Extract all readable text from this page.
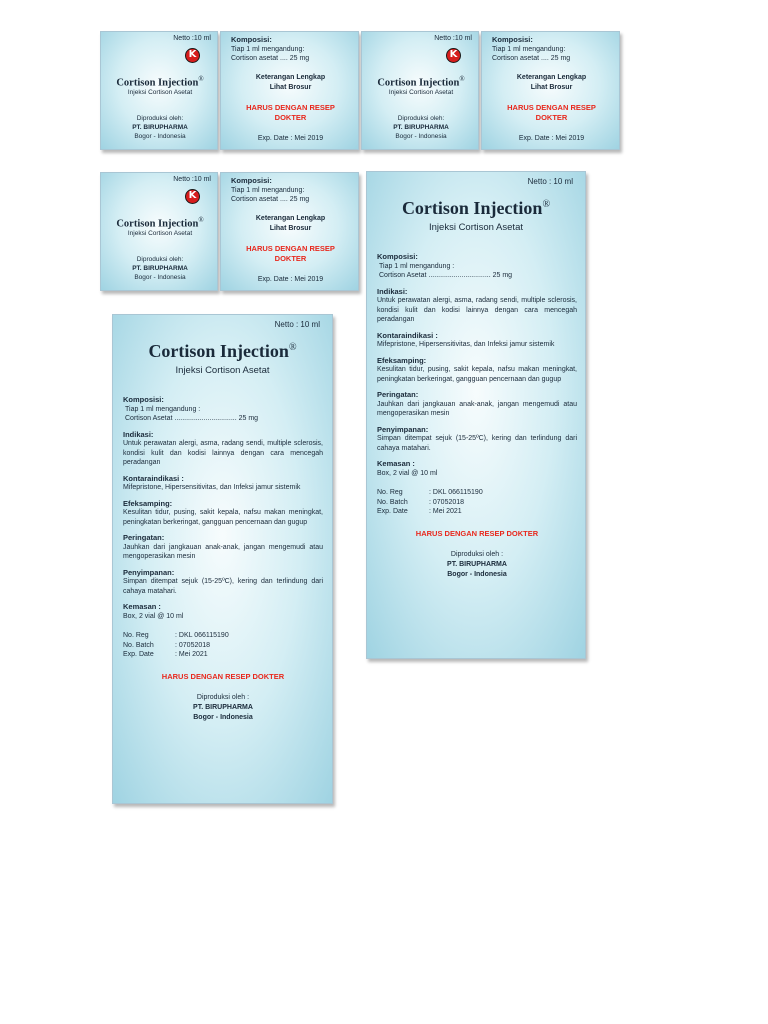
Netto :10 ml
K
Cortison Injection®
Injeksi Cortison Asetat
Diproduksi oleh:
PT. BIRUPHARMA
Bogor - Indonesia
Komposisi:
Tiap 1 ml mengandung:
Cortison asetat .... 25 mg
Keterangan Lengkap
Lihat Brosur
HARUS DENGAN RESEP
DOKTER
Exp. Date : Mei 2019
Netto :10 ml
K
Cortison Injection®
Injeksi Cortison Asetat
Diproduksi oleh:
PT. BIRUPHARMA
Bogor - Indonesia
Komposisi:
Tiap 1 ml mengandung:
Cortison asetat .... 25 mg
Keterangan Lengkap
Lihat Brosur
HARUS DENGAN RESEP
DOKTER
Exp. Date : Mei 2019
Netto :10 ml
K
Cortison Injection®
Injeksi Cortison Asetat
Diproduksi oleh:
PT. BIRUPHARMA
Bogor - Indonesia
Komposisi:
Tiap 1 ml mengandung:
Cortison asetat .... 25 mg
Keterangan Lengkap
Lihat Brosur
HARUS DENGAN RESEP
DOKTER
Exp. Date : Mei 2019
Netto : 10 ml
Cortison Injection®
Injeksi Cortison Asetat
Komposisi:
Tiap 1 ml mengandung :
Cortison Asetat ................................ 25 mg
Indikasi:
Untuk perawatan alergi, asma, radang sendi, multiple sclerosis, kondisi kulit dan kodisi lainnya dengan cara mencegah peradangan
Kontaraindikasi :
Mifepristone, Hipersensitivitas, dan Infeksi jamur sistemik
Efeksamping:
Kesulitan tidur, pusing, sakit kepala, nafsu makan meningkat, peningkatan berkeringat, gangguan pencernaan dan gugup
Peringatan:
Jauhkan dari jangkauan anak-anak, jangan mengemudi atau mengoperasikan mesin
Penyimpanan:
Simpan ditempat sejuk (15-25ºC), kering dan terlindung dari cahaya matahari.
Kemasan :
Box, 2 vial @ 10 ml
No. Reg	: DKL 066115190
No. Batch	: 07052018
Exp. Date	: Mei 2021
HARUS DENGAN RESEP DOKTER
Diproduksi oleh :
PT. BIRUPHARMA
Bogor - Indonesia
Netto : 10 ml
Cortison Injection®
Injeksi Cortison Asetat
Komposisi:
Tiap 1 ml mengandung :
Cortison Asetat ................................ 25 mg
Indikasi:
Untuk perawatan alergi, asma, radang sendi, multiple sclerosis, kondisi kulit dan kodisi lainnya dengan cara mencegah peradangan
Kontaraindikasi :
Mifepristone, Hipersensitivitas, dan Infeksi jamur sistemik
Efeksamping:
Kesulitan tidur, pusing, sakit kepala, nafsu makan meningkat, peningkatan berkeringat, gangguan pencernaan dan gugup
Peringatan:
Jauhkan dari jangkauan anak-anak, jangan mengemudi atau mengoperasikan mesin
Penyimpanan:
Simpan ditempat sejuk (15-25ºC), kering dan terlindung dari cahaya matahari.
Kemasan :
Box, 2 vial @ 10 ml
No. Reg	: DKL 066115190
No. Batch	: 07052018
Exp. Date	: Mei 2021
HARUS DENGAN RESEP DOKTER
Diproduksi oleh :
PT. BIRUPHARMA
Bogor - Indonesia
